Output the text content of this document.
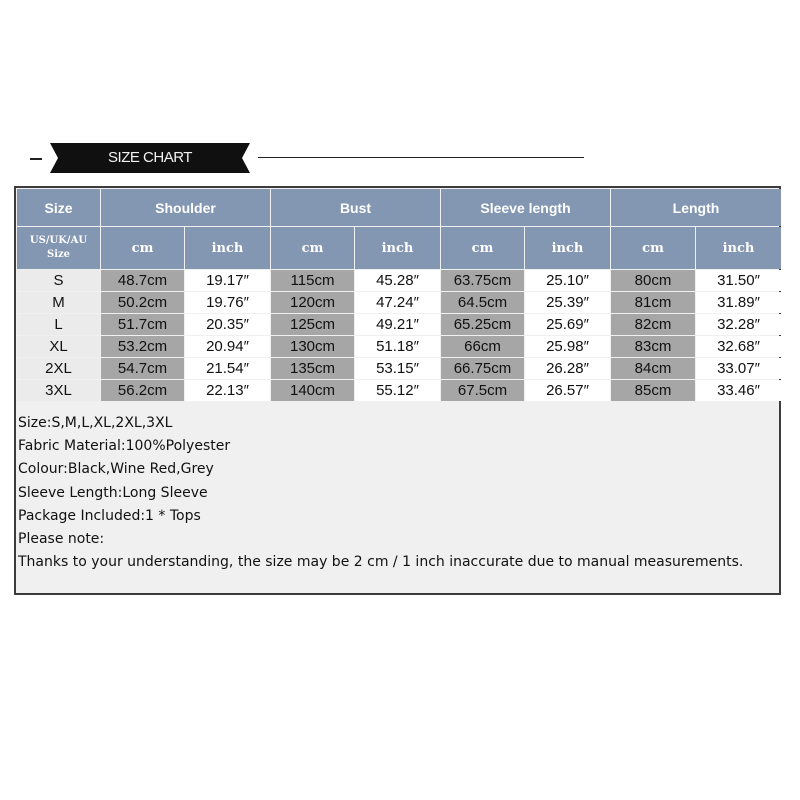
SIZE CHART
Size	Shoulder		Bust		Sleeve length		Length	

US/UK/AU
Size	cm	inch	cm	inch	cm	inch	cm	inch
S	48.7cm	19.17″	115cm	45.28″	63.75cm	25.10″	80cm	31.50″
M	50.2cm	19.76″	120cm	47.24″	64.5cm	25.39″	81cm	31.89″
L	51.7cm	20.35″	125cm	49.21″	65.25cm	25.69″	82cm	32.28″
XL	53.2cm	20.94″	130cm	51.18″	66cm	25.98″	83cm	32.68″
2XL	54.7cm	21.54″	135cm	53.15″	66.75cm	26.28″	84cm	33.07″
3XL	56.2cm	22.13″	140cm	55.12″	67.5cm	26.57″	85cm	33.46″
Size:S,M,L,XL,2XL,3XL
Fabric Material:100%Polyester
Colour:Black,Wine Red,Grey
Sleeve Length:Long Sleeve
Package Included:1 * Tops
Please note:
Thanks to your understanding, the size may be 2 cm / 1 inch inaccurate due to manual measurements.
